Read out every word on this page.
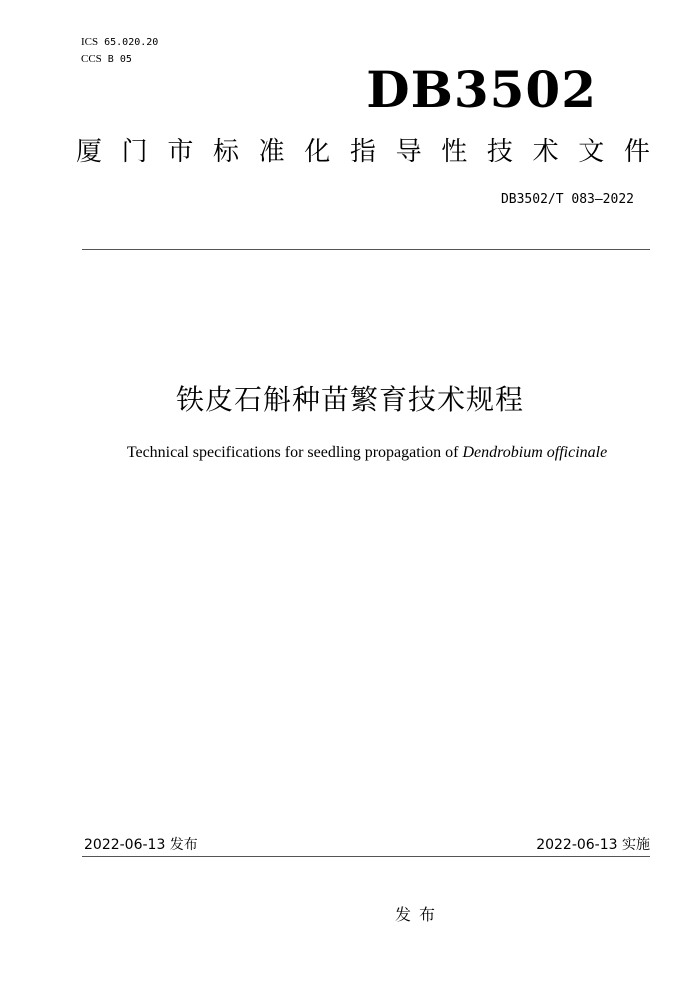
ICS 65.020.20
CCS B 05
DB3502
厦 门 市 标 准 化 指 导 性 技 术 文 件
DB3502/T 083—2022
铁皮石斛种苗繁育技术规程
Technical specifications for seedling propagation of Dendrobium officinale
2022-06-13 发布	2022-06-13 实施
发布
